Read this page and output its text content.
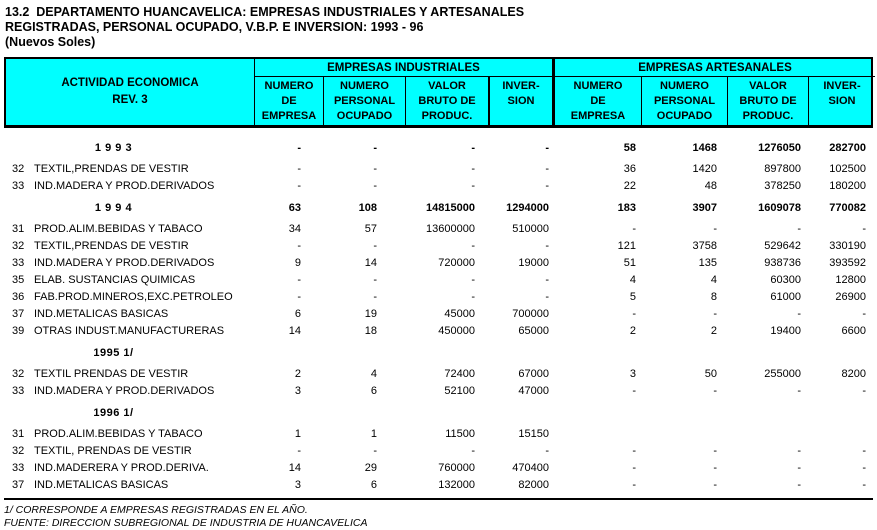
13.2  DEPARTAMENTO HUANCAVELICA: EMPRESAS INDUSTRIALES Y ARTESANALES
REGISTRADAS, PERSONAL OCUPADO, V.B.P. E INVERSION: 1993 - 96
(Nuevos Soles)
ACTIVIDAD ECONOMICA
REV. 3
EMPRESAS INDUSTRIALES	EMPRESAS ARTESANALES
NUMERO
DE
EMPRESA
NUMERO
PERSONAL
OCUPADO
VALOR
BRUTO DE
PRODUC.
INVER-
SION
NUMERO
DE
EMPRESA
NUMERO
PERSONAL
OCUPADO
VALOR
BRUTO DE
PRODUC.
INVER-
SION
1 9 9 3	-	-	-	-	58	1468	1276050	282700
32 TEXTIL,PRENDAS DE VESTIR	-	-	-	-	36	1420	897800	102500
33 IND.MADERA Y PROD.DERIVADOS	-	-	-	-	22	48	378250	180200
1 9 9 4	63	108	14815000	1294000	183	3907	1609078	770082
31 PROD.ALIM.BEBIDAS Y TABACO	34	57	13600000	510000	-	-	-	-
32 TEXTIL,PRENDAS DE VESTIR	-	-	-	-	121	3758	529642	330190
33 IND.MADERA Y PROD.DERIVADOS	9	14	720000	19000	51	135	938736	393592
35 ELAB. SUSTANCIAS QUIMICAS	-	-	-	-	4	4	60300	12800
36 FAB.PROD.MINEROS,EXC.PETROLEO	-	-	-	-	5	8	61000	26900
37 IND.METALICAS BASICAS	6	19	45000	700000	-	-	-	-
39 OTRAS INDUST.MANUFACTURERAS	14	18	450000	65000	2	2	19400	6600
1995 1/
32 TEXTIL PRENDAS DE VESTIR	2	4	72400	67000	3	50	255000	8200
33 IND.MADERA Y PROD.DERIVADOS	3	6	52100	47000	-	-	-	-
1996 1/
31 PROD.ALIM.BEBIDAS Y TABACO	1	1	11500	15150
32 TEXTIL, PRENDAS DE VESTIR	-	-	-	-	-	-	-	-
33 IND.MADERERA Y PROD.DERIVA.	14	29	760000	470400	-	-	-	-
37 IND.METALICAS BASICAS	3	6	132000	82000	-	-	-	-
1/ CORRESPONDE A EMPRESAS REGISTRADAS EN EL AÑO.
FUENTE: DIRECCION SUBREGIONAL DE INDUSTRIA DE HUANCAVELICA
